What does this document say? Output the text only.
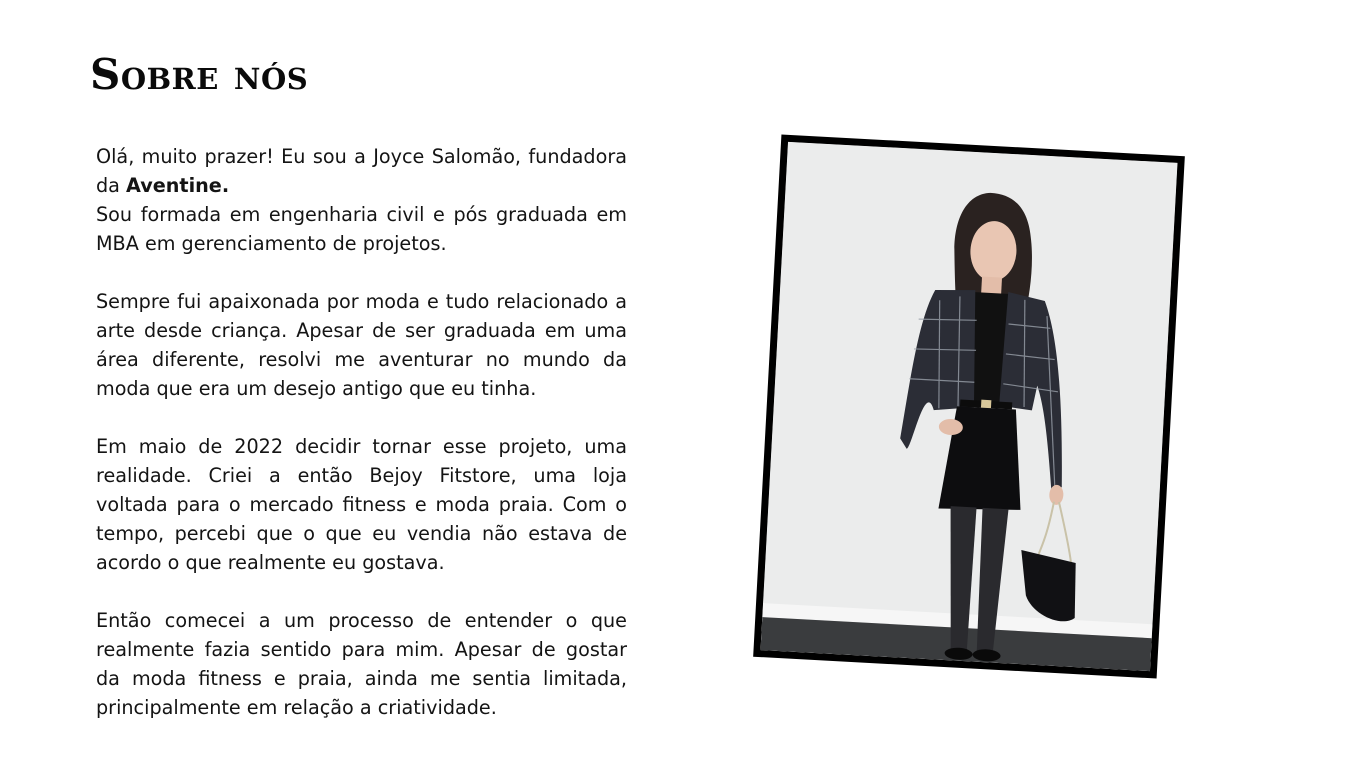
Sobre nós

Olá, muito prazer! Eu sou a Joyce Salomão, fundadora da Aventine.
Sou formada em engenharia civil e pós graduada em MBA em gerenciamento de projetos.

Sempre fui apaixonada por moda e tudo relacionado a arte desde criança. Apesar de ser graduada em uma área diferente, resolvi me aventurar no mundo da moda que era um desejo antigo que eu tinha.

Em maio de 2022 decidir tornar esse projeto, uma realidade. Criei a então Bejoy Fitstore, uma loja voltada para o mercado fitness e moda praia. Com o tempo, percebi que o que eu vendia não estava de acordo o que realmente eu gostava.

Então comecei a um processo de entender o que realmente fazia sentido para mim. Apesar de gostar da moda fitness e praia, ainda me sentia limitada, principalmente em relação a criatividade.
